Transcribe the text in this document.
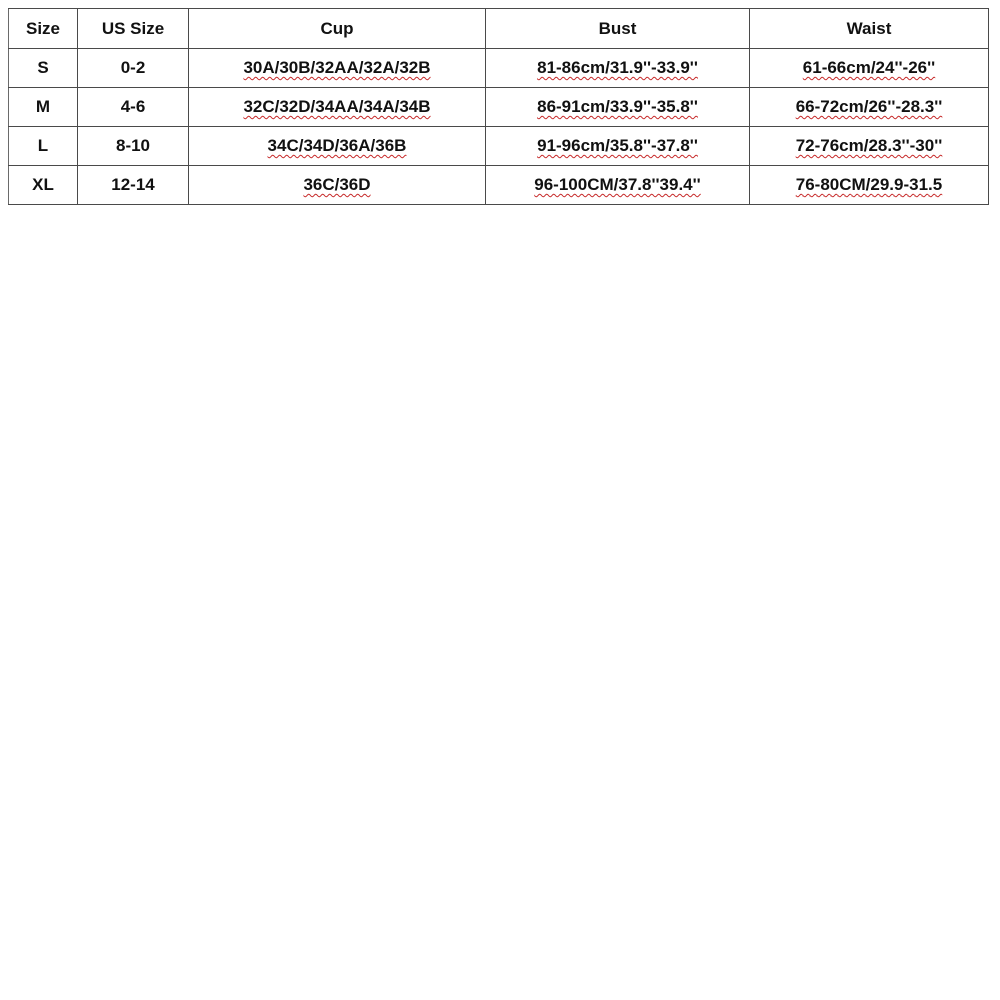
Size	US Size	Cup	Bust	Waist
S	0-2	30A/30B/32AA/32A/32B	81-86cm/31.9''-33.9''	61-66cm/24''-26''
M	4-6	32C/32D/34AA/34A/34B	86-91cm/33.9''-35.8''	66-72cm/26''-28.3''
L	8-10	34C/34D/36A/36B	91-96cm/35.8''-37.8''	72-76cm/28.3''-30''
XL	12-14	36C/36D	96-100CM/37.8''39.4''	76-80CM/29.9-31.5
